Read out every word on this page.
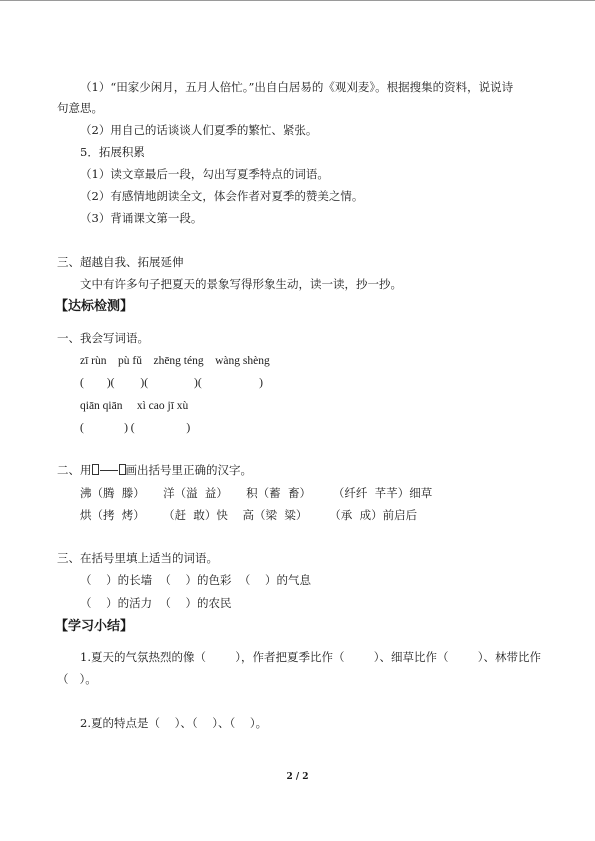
（1）“田家少闲月，五月人倍忙。”出自白居易的《观刈麦》。根据搜集的资料，说说诗
句意思。
（2）用自己的话谈谈人们夏季的繁忙、紧张。
5．拓展积累
（1）读文章最后一段，勾出写夏季特点的词语。
（2）有感情地朗读全文，体会作者对夏季的赞美之情。
（3）背诵课文第一段。
三、超越自我、拓展延伸
文中有许多句子把夏天的景象写得形象生动，读一读，抄一抄。
【达标检测】
一、我会写词语。
zī rùn    pù fǔ    zhēng téng    wàng shèng
(        )(         )(                )(                    )
qiān qiān     xì cao jī xù
(              ) (                  )
二、用	画出括号里正确的汉字。
沸（腾  滕）     洋（溢  益）     积（蓄  畜）      （纤纤  芊芊）细草
烘（拷  烤）     （赶  敢）快    高（梁  粱）      （承  成）前启后
三、在括号里填上适当的词语。
（    ）的长墙  （    ）的色彩  （    ）的气息
（    ）的活力  （    ）的农民
【学习小结】
1.夏天的气氛热烈的像（        ），作者把夏季比作（        ）、细草比作（        ）、林带比作
（   ）。
2.夏的特点是（    ）、（    ）、（    ）。
2 / 2
